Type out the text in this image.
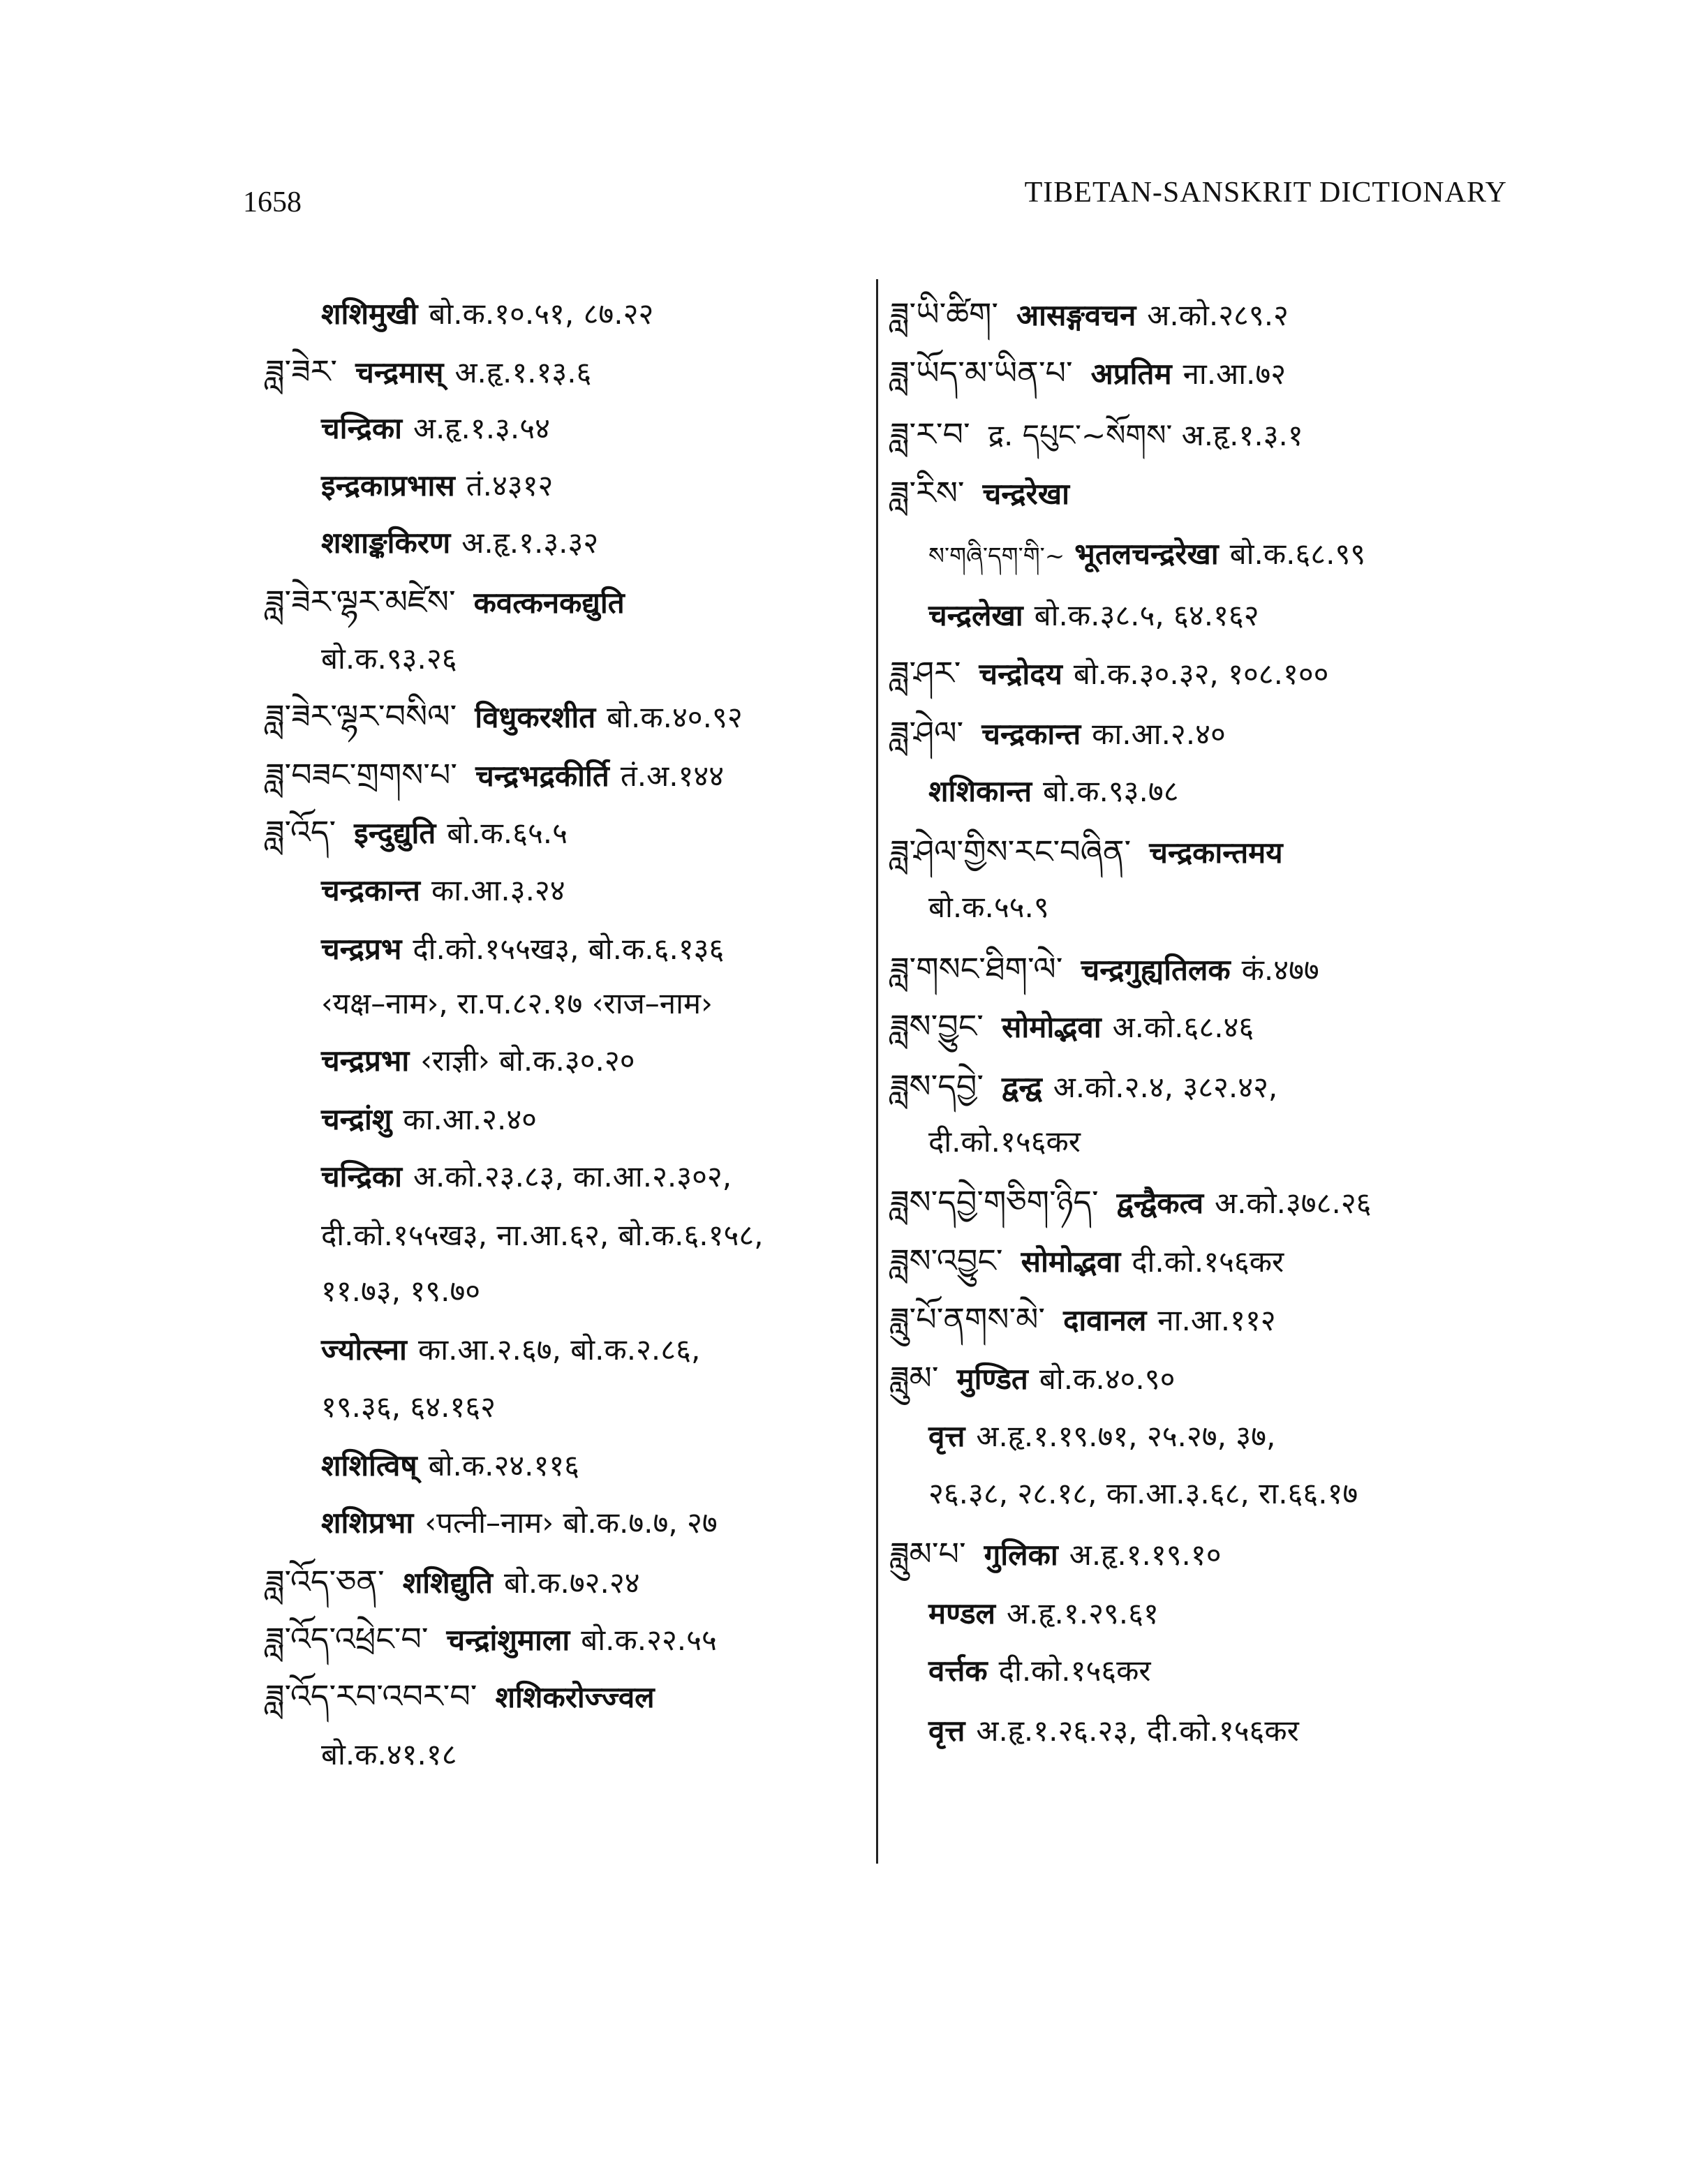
1658	TIBETAN-SANSKRIT DICTIONARY
शशिमुखी बो.क.१०.५१, ८७.२२
ཟླ་ཟེར་ चन्द्रमास् अ.हृ.१.१३.६
चन्द्रिका अ.हृ.१.३.५४
इन्द्रकाप्रभास तं.४३१२
शशाङ्ककिरण अ.हृ.१.३.३२
ཟླ་ཟེར་ལྷར་མཛེས་ कवत्कनकद्युति
बो.क.९३.२६
ཟླ་ཟེར་ལྷར་བསིལ་ विधुकरशीत बो.क.४०.९२
ཟླ་བཟང་གྲགས་པ་ चन्द्रभद्रकीर्ति तं.अ.१४४
ཟླ་འོད་ इन्दुद्युति बो.क.६५.५
चन्द्रकान्त का.आ.३.२४
चन्द्रप्रभ दी.को.१५५ख३, बो.क.६.१३६
‹यक्ष–नाम›, रा.प.८२.१७ ‹राज–नाम›
चन्द्रप्रभा ‹राज्ञी› बो.क.३०.२०
चन्द्रांशु का.आ.२.४०
चन्द्रिका अ.को.२३.८३, का.आ.२.३०२,
दी.को.१५५ख३, ना.आ.६२, बो.क.६.१५८,
११.७३, १९.७०
ज्योत्स्ना का.आ.२.६७, बो.क.२.८६,
१९.३६, ६४.१६२
शशित्विष् बो.क.२४.११६
शशिप्रभा ‹पत्नी–नाम› बो.क.७.७, २७
ཟླ་འོད་ཅན་ शशिद्युति बो.क.७२.२४
ཟླ་འོད་འཕྲེང་བ་ चन्द्रांशुमाला बो.क.२२.५५
ཟླ་འོད་རབ་འབར་བ་ शशिकरोज्ज्वल
बो.क.४१.१८
ཟླ་ཡི་ཚིག་ आसङ्गवचन अ.को.२८९.२
ཟླ་ཡོད་མ་ཡིན་པ་ अप्रतिम ना.आ.७२
ཟླ་ར་བ་ द्र. དཔུང་~སོགས་ अ.हृ.१.३.१
ཟླ་རིས་ चन्द्ररेखा
ས་གཞི་དག་གི་~ भूतलचन्द्ररेखा बो.क.६८.९९
चन्द्रलेखा बो.क.३८.५, ६४.१६२
ཟླ་ཤར་ चन्द्रोदय बो.क.३०.३२, १०८.१००
ཟླ་ཤེལ་ चन्द्रकान्त का.आ.२.४०
शशिकान्त बो.क.९३.७८
ཟླ་ཤེལ་གྱིས་རང་བཞིན་ चन्द्रकान्तमय
बो.क.५५.९
ཟླ་གསང་ཐིག་ལེ་ चन्द्रगुह्यतिलक कं.४७७
ཟླས་བྱུང་ सोमोद्भवा अ.को.६८.४६
ཟླས་དབྱེ་ द्वन्द्व अ.को.२.४, ३८२.४२,
दी.को.१५६कर
ཟླས་དབྱེ་གཅིག་ཉིད་ द्वन्द्वैकत्व अ.को.३७८.२६
ཟླས་འབྱུང་ सोमोद्भवा दी.को.१५६कर
ཟླུ་པོ་ནགས་མེ་ दावानल ना.आ.११२
ཟླུམ་ मुण्डित बो.क.४०.९०
वृत्त अ.हृ.१.१९.७१, २५.२७, ३७,
२६.३८, २८.१८, का.आ.३.६८, रा.६६.१७
ཟླུམ་པ་ गुलिका अ.हृ.१.१९.१०
मण्डल अ.हृ.१.२९.६१
वर्त्तक दी.को.१५६कर
वृत्त अ.हृ.१.२६.२३, दी.को.१५६कर
